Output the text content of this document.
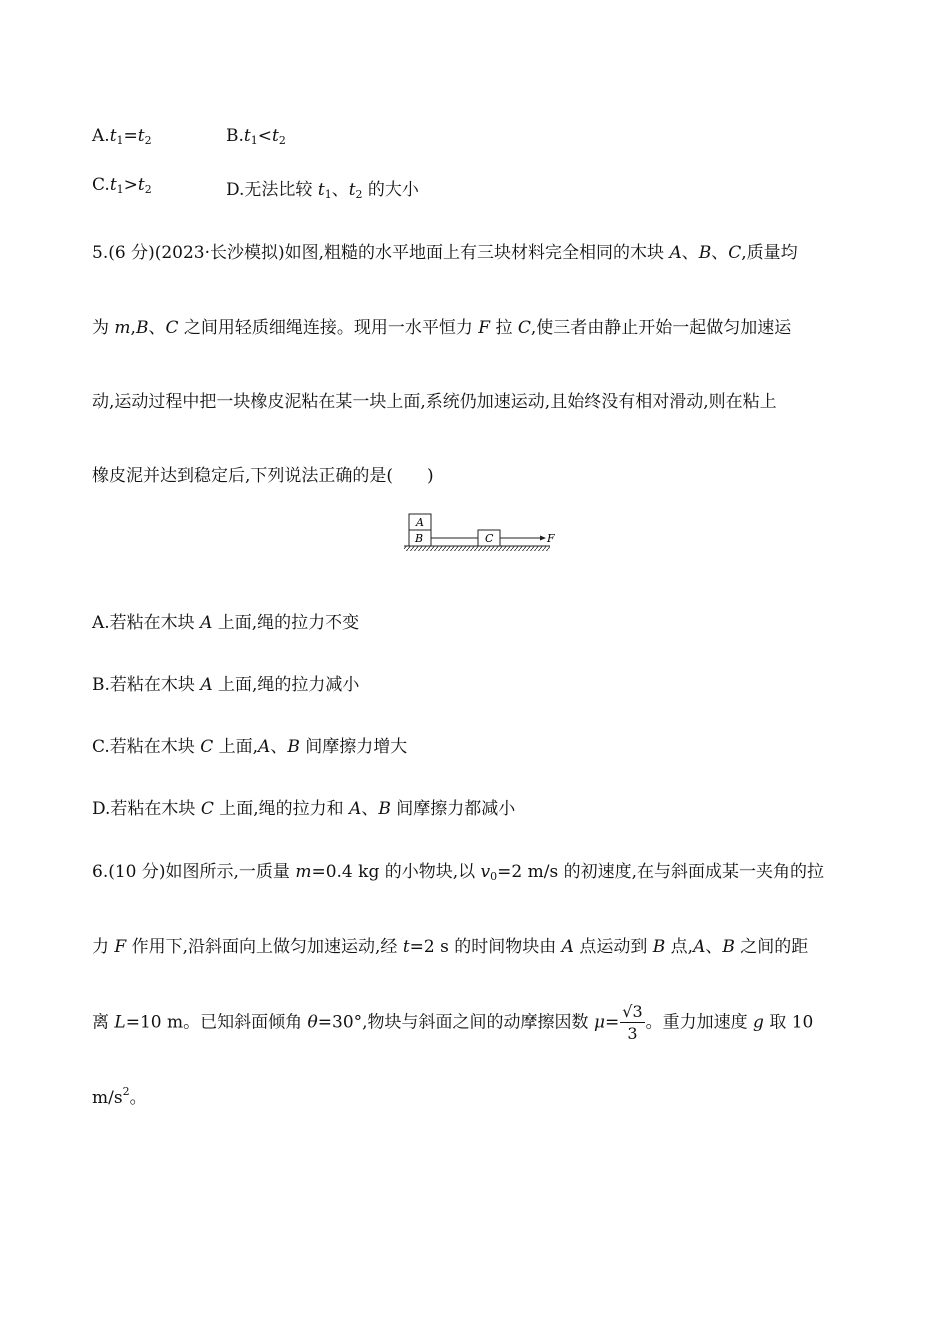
$A.t_1=t_2$	$B.t_1<t_2$
$C.t_1>t_2$	D.无法比较 $t_1$、$t_2$ 的大小
5.(6 分)(2023·长沙模拟)如图,粗糙的水平地面上有三块材料完全相同的木块 A、B、C,质量均
为 m,B、C 之间用轻质细绳连接。现用一水平恒力 F 拉 C,使三者由静止开始一起做匀加速运
动,运动过程中把一块橡皮泥粘在某一块上面,系统仍加速运动,且始终没有相对滑动,则在粘上
橡皮泥并达到稳定后,下列说法正确的是(　　)
A
B	C	F
A.若粘在木块 A 上面,绳的拉力不变
B.若粘在木块 A 上面,绳的拉力减小
C.若粘在木块 C 上面,A、B 间摩擦力增大
D.若粘在木块 C 上面,绳的拉力和 A、B 间摩擦力都减小
6.(10 分)如图所示,一质量 m=0.4 kg 的小物块,以 $v_0=2$ m/s 的初速度,在与斜面成某一夹角的拉
力 F 作用下,沿斜面向上做匀加速运动,经 t=2 s 的时间物块由 A 点运动到 B 点,A、B 之间的距
离 L=10 m。已知斜面倾角 θ=30°,物块与斜面之间的动摩擦因数 $\mu= \frac{√3}{3}$ 。重力加速度 g 取 10
$m/s^2$。
